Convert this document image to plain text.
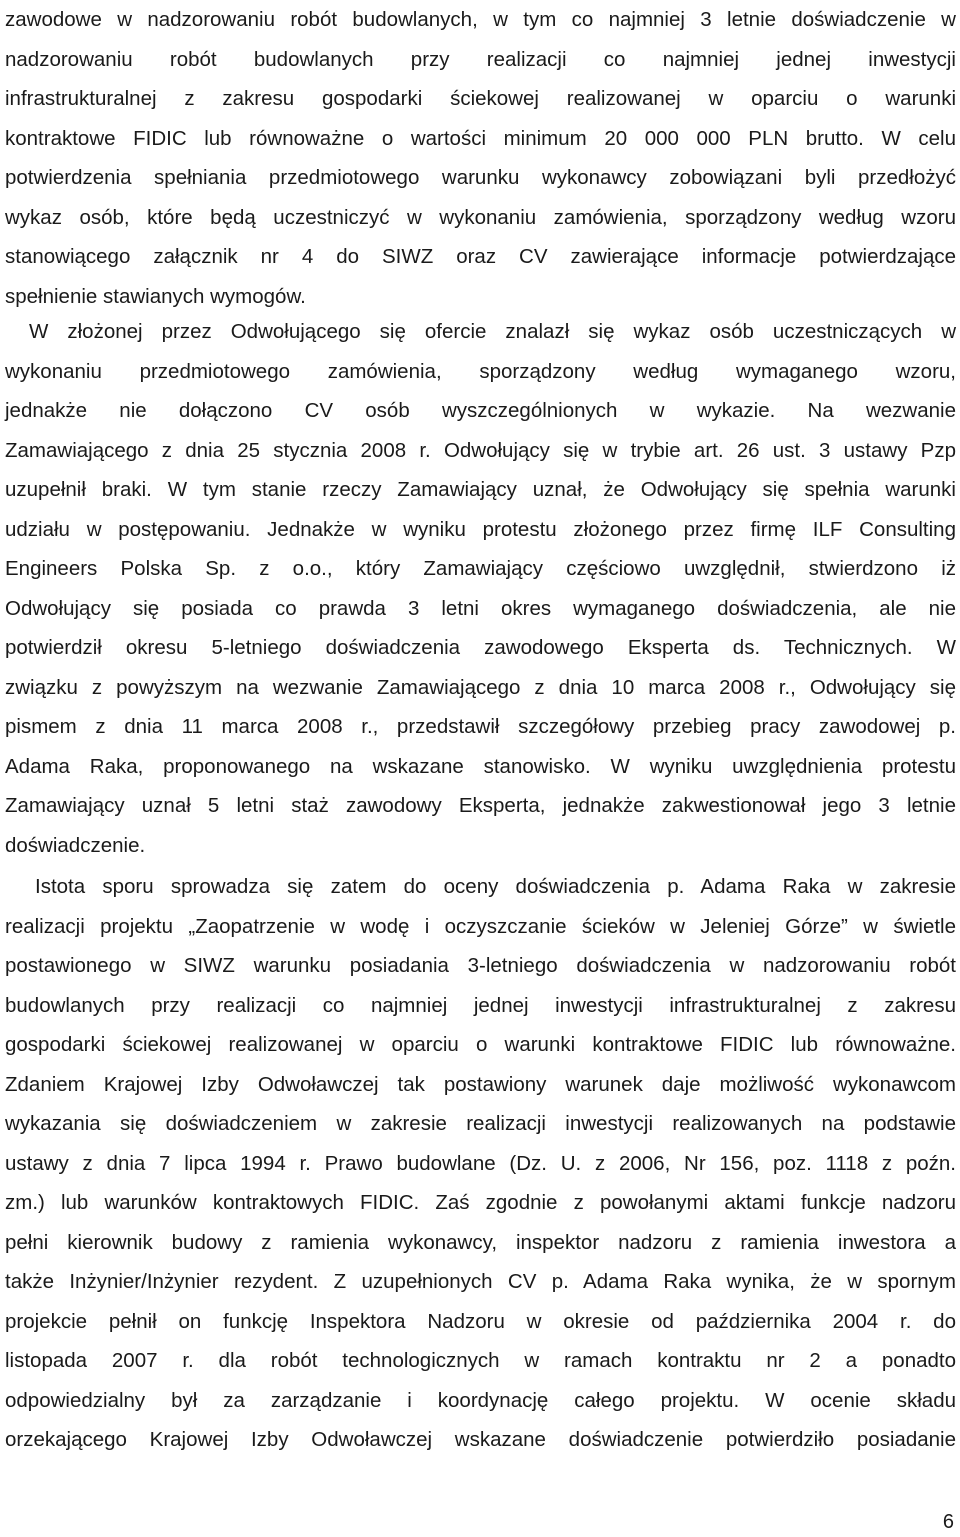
zawodowe w nadzorowaniu robót budowlanych, w tym co najmniej 3 letnie doświadczenie w
nadzorowaniu robót budowlanych przy realizacji co najmniej jednej inwestycji
infrastrukturalnej z zakresu gospodarki ściekowej realizowanej w oparciu o warunki
kontraktowe FIDIC lub równoważne o wartości minimum 20 000 000 PLN brutto. W celu
potwierdzenia spełniania przedmiotowego warunku wykonawcy zobowiązani byli przedłożyć
wykaz osób, które będą uczestniczyć w wykonaniu zamówienia, sporządzony według wzoru
stanowiącego załącznik nr 4 do SIWZ oraz CV zawierające informacje potwierdzające
spełnienie stawianych wymogów.
W złożonej przez Odwołującego się ofercie znalazł się wykaz osób uczestniczących w
wykonaniu przedmiotowego zamówienia, sporządzony według wymaganego wzoru,
jednakże nie dołączono CV osób wyszczególnionych w wykazie. Na wezwanie
Zamawiającego z dnia 25 stycznia 2008 r. Odwołujący się w trybie art. 26 ust. 3 ustawy Pzp
uzupełnił braki. W tym stanie rzeczy Zamawiający uznał, że Odwołujący się spełnia warunki
udziału w postępowaniu. Jednakże w wyniku protestu złożonego przez firmę ILF Consulting
Engineers Polska Sp. z o.o., który Zamawiający częściowo uwzględnił, stwierdzono iż
Odwołujący się posiada co prawda 3 letni okres wymaganego doświadczenia, ale nie
potwierdził okresu 5-letniego doświadczenia zawodowego Eksperta ds. Technicznych. W
związku z powyższym na wezwanie Zamawiającego z dnia 10 marca 2008 r., Odwołujący się
pismem z dnia 11 marca 2008 r., przedstawił szczegółowy przebieg pracy zawodowej p.
Adama Raka, proponowanego na wskazane stanowisko. W wyniku uwzględnienia protestu
Zamawiający uznał 5 letni staż zawodowy Eksperta, jednakże zakwestionował jego 3 letnie
doświadczenie.
Istota sporu sprowadza się zatem do oceny doświadczenia p. Adama Raka w zakresie
realizacji projektu „Zaopatrzenie w wodę i oczyszczanie ścieków w Jeleniej Górze” w świetle
postawionego w SIWZ warunku posiadania 3-letniego doświadczenia w nadzorowaniu robót
budowlanych przy realizacji co najmniej jednej inwestycji infrastrukturalnej z zakresu
gospodarki ściekowej realizowanej w oparciu o warunki kontraktowe FIDIC lub równoważne.
Zdaniem Krajowej Izby Odwoławczej tak postawiony warunek daje możliwość wykonawcom
wykazania się doświadczeniem w zakresie realizacji inwestycji realizowanych na podstawie
ustawy z dnia 7 lipca 1994 r. Prawo budowlane (Dz. U. z 2006, Nr 156, poz. 1118 z poźn.
zm.) lub warunków kontraktowych FIDIC. Zaś zgodnie z powołanymi aktami funkcje nadzoru
pełni kierownik budowy z ramienia wykonawcy, inspektor nadzoru z ramienia inwestora a
także Inżynier/Inżynier rezydent. Z uzupełnionych CV p. Adama Raka wynika, że w spornym
projekcie pełnił on funkcję Inspektora Nadzoru w okresie od października 2004 r. do
listopada 2007 r. dla robót technologicznych w ramach kontraktu nr 2 a ponadto
odpowiedzialny był za zarządzanie i koordynację całego projektu. W ocenie składu
orzekającego Krajowej Izby Odwoławczej wskazane doświadczenie potwierdziło posiadanie
6
